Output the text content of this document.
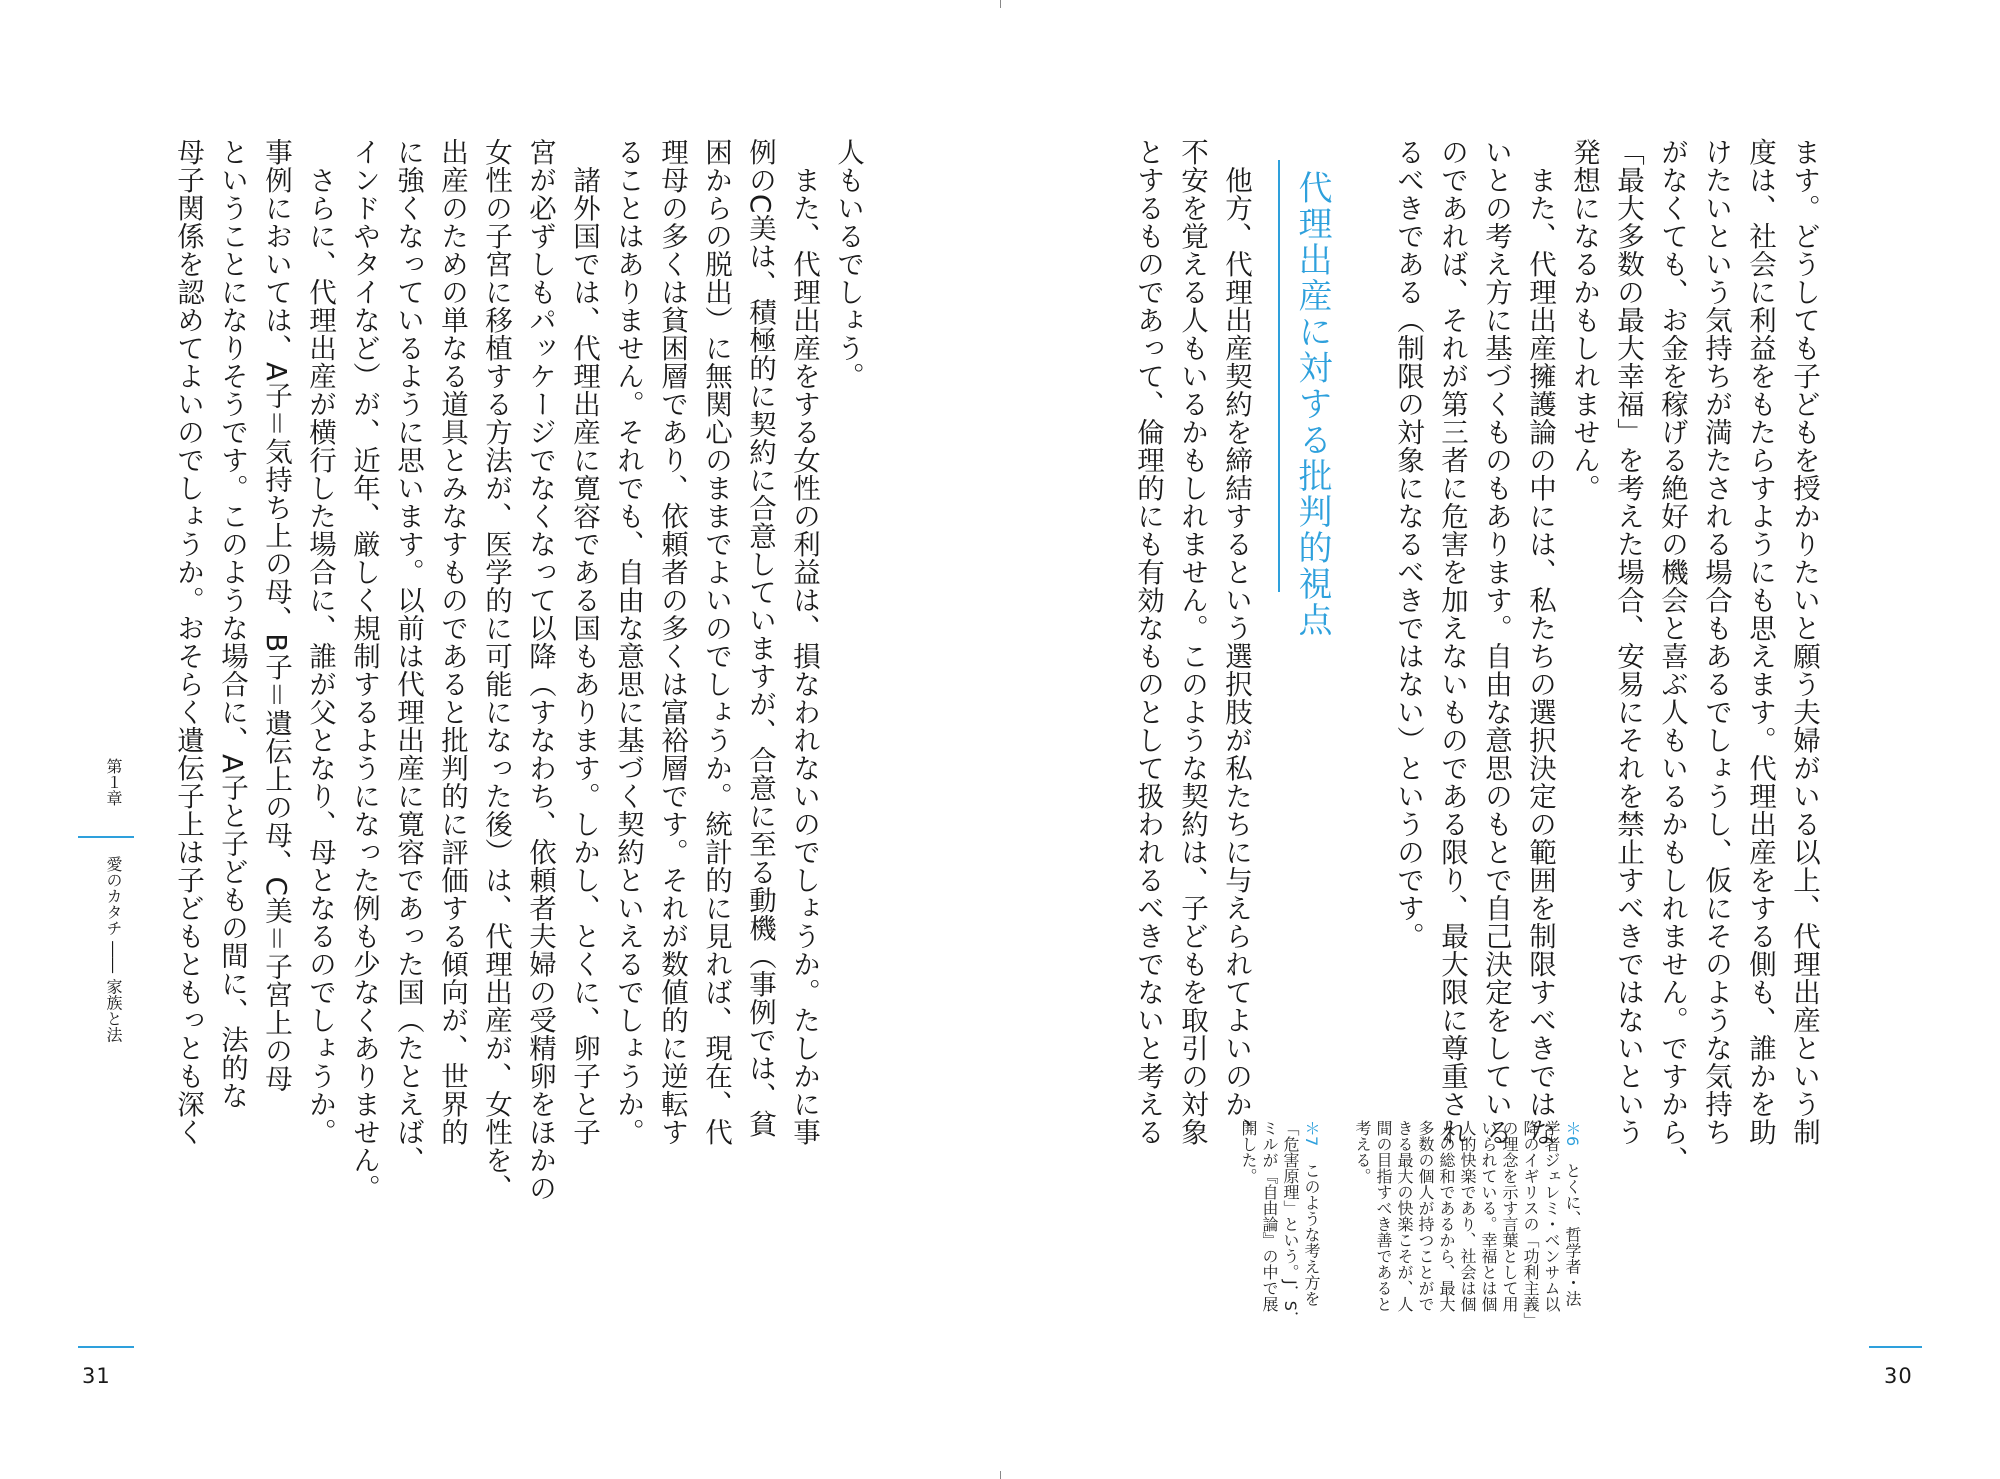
ます。どうしても子どもを授かりたいと願う夫婦がいる以上、代理出産という制
度は、社会に利益をもたらすようにも思えます。代理出産をする側も、誰かを助
けたいという気持ちが満たされる場合もあるでしょうし、仮にそのような気持ち
がなくても、お金を稼げる絶好の機会と喜ぶ人もいるかもしれません。ですから、
「最大多数の最大幸福」を考えた場合、安易にそれを禁止すべきではないという
発想になるかもしれません。
　また、代理出産擁護論の中には、私たちの選択決定の範囲を制限すべきではな
いとの考え方に基づくものもあります。自由な意思のもとで自己決定をしている
のであれば、それが第三者に危害を加えないものである限り、最大限に尊重され
るべきである（制限の対象になるべきではない）というのです。
代理出産に対する批判的視点
　他方、代理出産契約を締結するという選択肢が私たちに与えられてよいのか、
不安を覚える人もいるかもしれません。このような契約は、子どもを取引の対象
とするものであって、倫理的にも有効なものとして扱われるべきでないと考える	＊6　とくに、哲学者・法
学者ジェレミ・ベンサム以
降のイギリスの「功利主義」
の理念を示す言葉として用
いられている。幸福とは個
人的快楽であり、社会は個
人の総和であるから、最大
多数の個人が持つことがで
きる最大の快楽こそが、人
間の目指すべき善であると
考える。
＊7　このような考え方を
「危害原理」という。J．S．
ミルが『自由論』の中で展
開した。
30
人もいるでしょう。
　また、代理出産をする女性の利益は、損なわれないのでしょうか。たしかに事
例のC美は、積極的に契約に合意していますが、合意に至る動機（事例では、貧
困からの脱出）に無関心のままでよいのでしょうか。統計的に見れば、現在、代
理母の多くは貧困層であり、依頼者の多くは富裕層です。それが数値的に逆転す
ることはありません。それでも、自由な意思に基づく契約といえるでしょうか。
　諸外国では、代理出産に寛容である国もあります。しかし、とくに、卵子と子
宮が必ずしもパッケージでなくなって以降（すなわち、依頼者夫婦の受精卵をほかの
女性の子宮に移植する方法が、医学的に可能になった後）は、代理出産が、女性を、
出産のための単なる道具とみなすものであると批判的に評価する傾向が、世界的
に強くなっているように思います。以前は代理出産に寛容であった国（たとえば、
インドやタイなど）が、近年、厳しく規制するようになった例も少なくありません。
　さらに、代理出産が横行した場合に、誰が父となり、母となるのでしょうか。
事例においては、A子＝気持ち上の母、B子＝遺伝上の母、C美＝子宮上の母
ということになりそうです。このような場合に、A子と子どもの間に、法的な
母子関係を認めてよいのでしょうか。おそらく遺伝子上は子どもともっとも深く
第１章
愛のカタチ ―― 家族と法
31
